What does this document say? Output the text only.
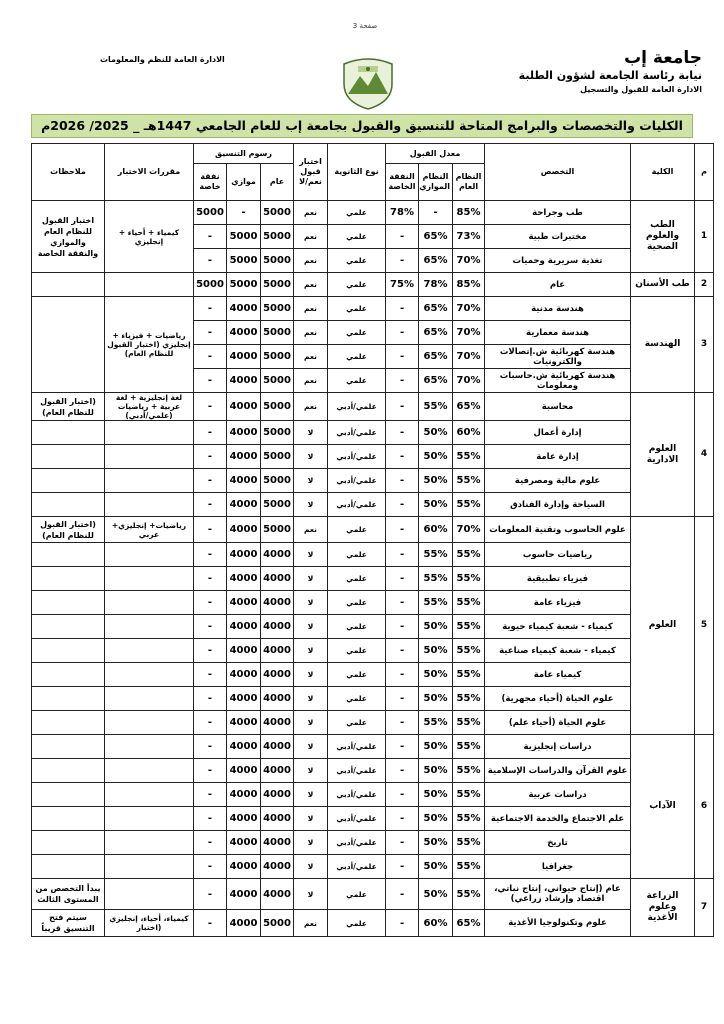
صفحة 3
جامعة إب
نيابة رئاسة الجامعة لشؤون الطلبة
الادارة العامة للقبول والتسجيل
الادارة العامة للنظم والمعلومات
الكليات والتخصصات والبرامج المتاحة للتنسيق والقبول بجامعة إب للعام الجامعي 1447هـ _ 2025/ 2026م
م	الكلية	التخصص	معدل القبول			نوع الثانوية	اختبار قبول نعم/لا	رسوم التنسيق			مقررات الاختبار	ملاحظات
			النظام العام	النظام الموازي	النفقة الخاصة			عام	موازي	نفقة خاصة		
1	الطب والعلوم الصحية	طب وجراحة	85%	-	78%	علمي	نعم	5000	-	5000	كيمياء + أحياء + إنجليزي	اختبار القبول للنظام العام والموازي والنفقة الخاصة
		مختبرات طبية	73%	65%	-	علمي	نعم	5000	5000	-		
		تغذية سريرية وحميات	70%	65%	-	علمي	نعم	5000	5000	-		
2	طب الأسنان	عام	85%	78%	75%	علمي	نعم	5000	5000	5000		
3	الهندسة	هندسة مدنية	70%	65%	-	علمي	نعم	5000	4000	-	رياضيات + فيزياء + إنجليزي (اختبار القبول للنظام العام)	
		هندسة معمارية	70%	65%	-	علمي	نعم	5000	4000	-		
		هندسة كهربائية ش.إتصالات والكترونيات	70%	65%	-	علمي	نعم	5000	4000	-		
		هندسة كهربائية ش.حاسبات ومعلومات	70%	65%	-	علمي	نعم	5000	4000	-		
4	العلوم الادارية	محاسبة	65%	55%	-	علمي/أدبي	نعم	5000	4000	-	لغة إنجليزية + لغة عربية + رياضيات (علمي/أدبي)	(اختبار القبول للنظام العام)
		إدارة أعمال	60%	50%	-	علمي/أدبي	لا	5000	4000	-		
		إدارة عامة	55%	50%	-	علمي/أدبي	لا	5000	4000	-		
		علوم مالية ومصرفية	55%	50%	-	علمي/أدبي	لا	5000	4000	-		
		السياحة وإدارة الفنادق	55%	50%	-	علمي/أدبي	لا	5000	4000	-		
5	العلوم	علوم الحاسوب وتقنية المعلومات	70%	60%	-	علمي	نعم	5000	4000	-	رياضيات+ إنجليزي+ عربي	(اختبار القبول للنظام العام)
		رياضيات حاسوب	55%	55%	-	علمي	لا	4000	4000	-		
		فيزياء تطبيقية	55%	55%	-	علمي	لا	4000	4000	-		
		فيزياء عامة	55%	55%	-	علمي	لا	4000	4000	-		
		كيمياء - شعبة كيمياء حيوية	55%	50%	-	علمي	لا	4000	4000	-		
		كيمياء - شعبة كيمياء صناعية	55%	50%	-	علمي	لا	4000	4000	-		
		كيمياء عامة	55%	50%	-	علمي	لا	4000	4000	-		
		علوم الحياة (أحياء مجهرية)	55%	50%	-	علمي	لا	4000	4000	-		
		علوم الحياة (أحياء علم)	55%	55%	-	علمي	لا	4000	4000	-		
6	الآداب	دراسات إنجليزية	55%	50%	-	علمي/أدبي	لا	4000	4000	-		
		علوم القرآن والدراسات الإسلامية	55%	50%	-	علمي/أدبي	لا	4000	4000	-		
		دراسات عربية	55%	50%	-	علمي/أدبي	لا	4000	4000	-		
		علم الاجتماع والخدمة الاجتماعية	55%	50%	-	علمي/أدبي	لا	4000	4000	-		
		تاريخ	55%	50%	-	علمي/أدبي	لا	4000	4000	-		
		جغرافيا	55%	50%	-	علمي/أدبي	لا	4000	4000	-		
7	الزراعة وعلوم الأغذية	عام (إنتاج حيواني، إنتاج نباتي، اقتصاد وإرشاد زراعي)	55%	50%	-	علمي	لا	4000	4000	-		يبدأ التخصص من المستوى الثالث
		علوم وتكنولوجيا الأغذية	65%	60%	-	علمي	نعم	5000	4000	-	كيمياء، أحياء، إنجليزي (اختبار	سيتم فتح التنسيق قريباً
